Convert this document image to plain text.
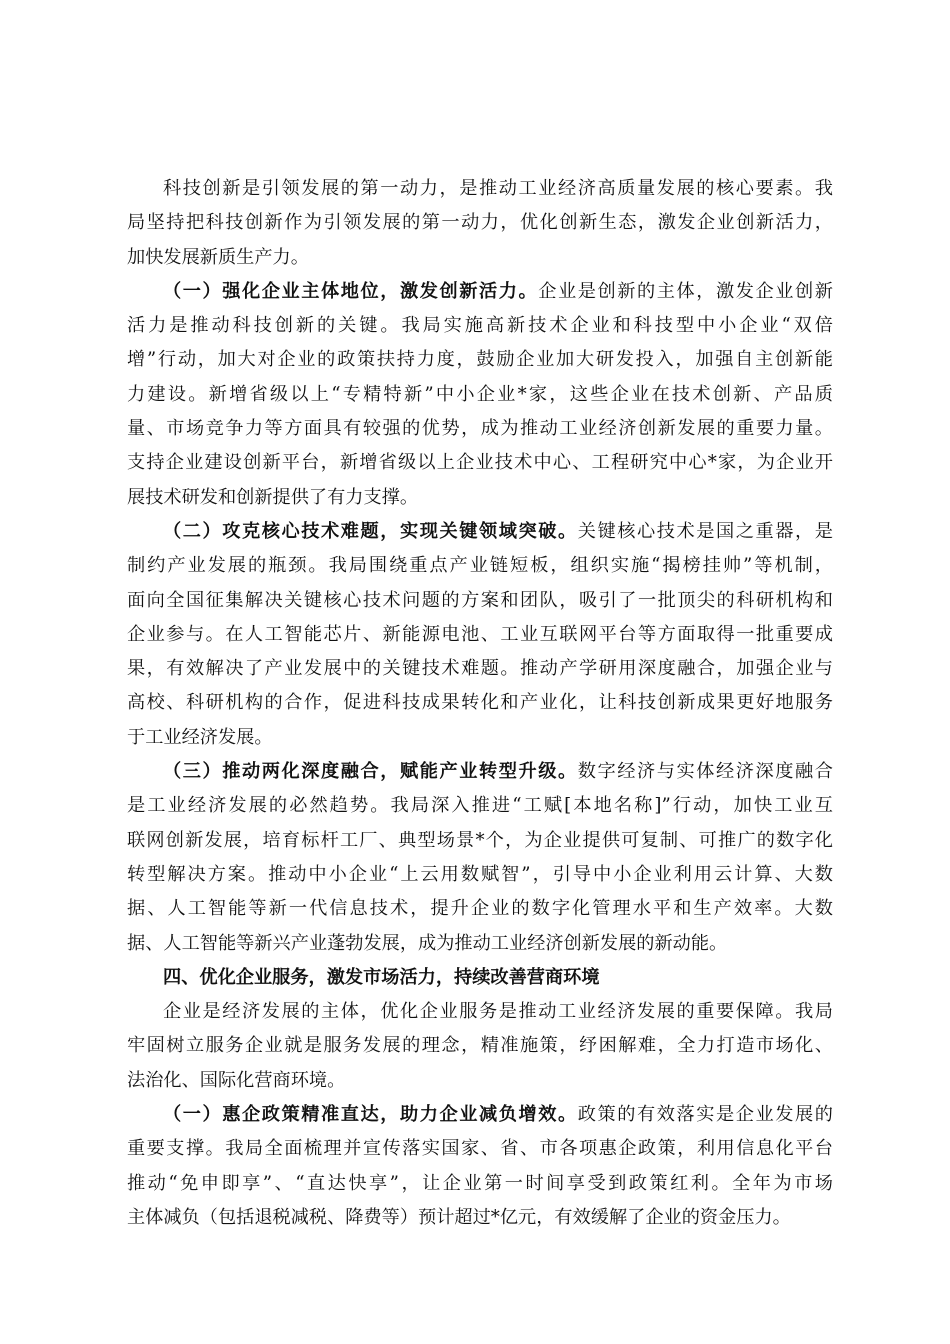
科技创新是引领发展的第一动力，是推动工业经济高质量发展的核心要素。我
局坚持把科技创新作为引领发展的第一动力，优化创新生态，激发企业创新活力，
加快发展新质生产力。
（一）强化企业主体地位，激发创新活力。企业是创新的主体，激发企业创新
活力是推动科技创新的关键。我局实施高新技术企业和科技型中小企业“双倍
增”行动，加大对企业的政策扶持力度，鼓励企业加大研发投入，加强自主创新能
力建设。新增省级以上“专精特新”中小企业*家，这些企业在技术创新、产品质
量、市场竞争力等方面具有较强的优势，成为推动工业经济创新发展的重要力量。
支持企业建设创新平台，新增省级以上企业技术中心、工程研究中心*家，为企业开
展技术研发和创新提供了有力支撑。
（二）攻克核心技术难题，实现关键领域突破。关键核心技术是国之重器，是
制约产业发展的瓶颈。我局围绕重点产业链短板，组织实施“揭榜挂帅”等机制，
面向全国征集解决关键核心技术问题的方案和团队，吸引了一批顶尖的科研机构和
企业参与。在人工智能芯片、新能源电池、工业互联网平台等方面取得一批重要成
果，有效解决了产业发展中的关键技术难题。推动产学研用深度融合，加强企业与
高校、科研机构的合作，促进科技成果转化和产业化，让科技创新成果更好地服务
于工业经济发展。
（三）推动两化深度融合，赋能产业转型升级。数字经济与实体经济深度融合
是工业经济发展的必然趋势。我局深入推进“工赋[本地名称]”行动，加快工业互
联网创新发展，培育标杆工厂、典型场景*个，为企业提供可复制、可推广的数字化
转型解决方案。推动中小企业“上云用数赋智”，引导中小企业利用云计算、大数
据、人工智能等新一代信息技术，提升企业的数字化管理水平和生产效率。大数
据、人工智能等新兴产业蓬勃发展，成为推动工业经济创新发展的新动能。
四、优化企业服务，激发市场活力，持续改善营商环境
企业是经济发展的主体，优化企业服务是推动工业经济发展的重要保障。我局
牢固树立服务企业就是服务发展的理念，精准施策，纾困解难，全力打造市场化、
法治化、国际化营商环境。
（一）惠企政策精准直达，助力企业减负增效。政策的有效落实是企业发展的
重要支撑。我局全面梳理并宣传落实国家、省、市各项惠企政策，利用信息化平台
推动“免申即享”、“直达快享”，让企业第一时间享受到政策红利。全年为市场
主体减负（包括退税减税、降费等）预计超过*亿元，有效缓解了企业的资金压力。
